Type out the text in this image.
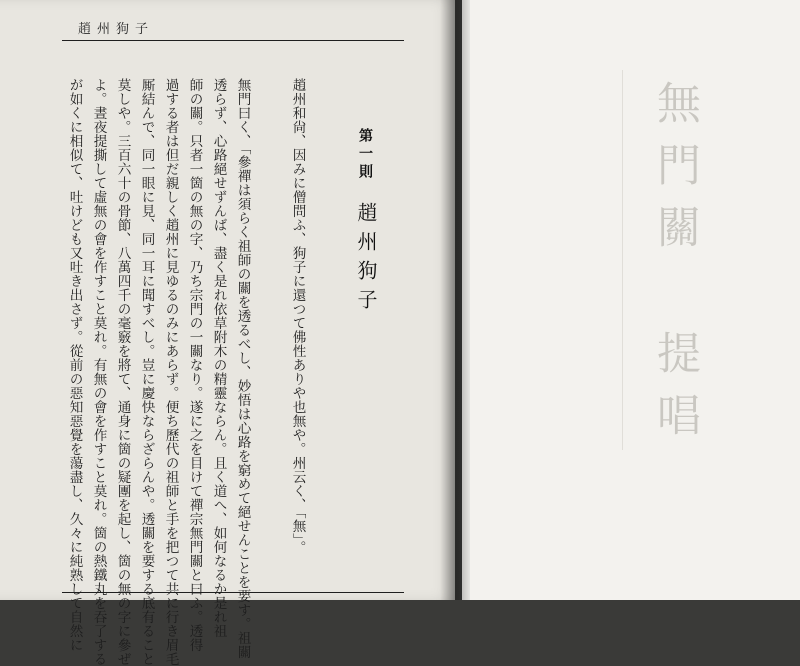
無門關
提唱
趙州狗子
第一則
趙州狗子
趙州和尙、因みに僧問ふ、狗子に還つて佛性ありや也無や。州云く、「無」。
無門曰く、「參禪は須らく祖師の關を透るべし、妙悟は心路を窮めて絕せんことを要す。祖關
透らず、心路絕せずんば、盡く是れ依草附木の精靈ならん。且く道へ、如何なるか是れ祖
師の關。只者一箇の無の字、乃ち宗門の一關なり。遂に之を目けて禪宗無門關と曰ふ。透得
過する者は但だ親しく趙州に見ゆるのみにあらず。便ち歷代の祖師と手を把つて共に行き眉毛
厮結んで、同一眼に見、同一耳に聞すべし。豈に慶快ならざらんや。透關を要する底有ること
莫しや。三百六十の骨節、八萬四千の毫竅を將て、通身に箇の疑團を起し、箇の無の字に參ぜ
よ。晝夜提撕して虛無の會を作すこと莫れ。有無の會を作すこと莫れ。箇の熱鐵丸を吞了する
が如くに相似て、吐けども又吐き出さず。從前の惡知惡覺を蕩盡し、久々に純熟して自然に
